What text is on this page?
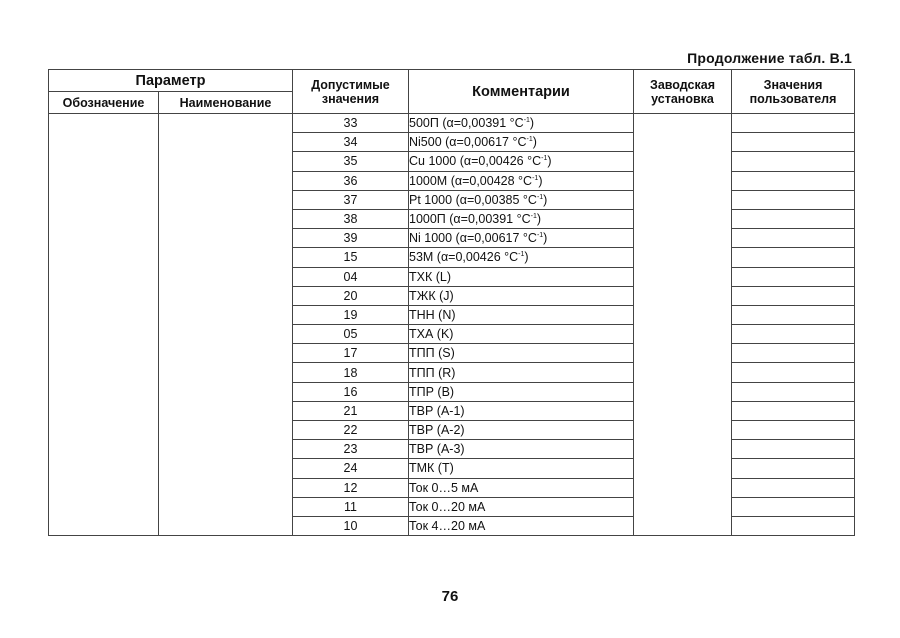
Продолжение табл. В.1
Параметр		Допустимые значения	Комментарии	Заводская установка	Значения пользователя
Обозначение	Наименование				
		33	500П (α=0,00391 $^\circ C^{-1}$)		
		34	Ni500 (α=0,00617 $^\circ C^{-1}$)		
		35	Cu 1000 (α=0,00426 $^\circ C^{-1}$)		
		36	1000М (α=0,00428 $^\circ C^{-1}$)		
		37	Pt 1000 (α=0,00385 $^\circ C^{-1}$)		
		38	1000П (α=0,00391 $^\circ C^{-1}$)		
		39	Ni 1000 (α=0,00617 $^\circ C^{-1}$)		
		15	53М (α=0,00426 $^\circ C^{-1}$)		
		04	ТХК (L)		
		20	ТЖК (J)		
		19	ТНН (N)		
		05	ТХА (K)		
		17	ТПП (S)		
		18	ТПП (R)		
		16	ТПР (B)		
		21	ТВР (А-1)		
		22	ТВР (А-2)		
		23	ТВР (А-3)		
		24	ТМК (Т)		
		12	Ток 0…5 мА		
		11	Ток 0…20 мА		
		10	Ток 4…20 мА		
76
